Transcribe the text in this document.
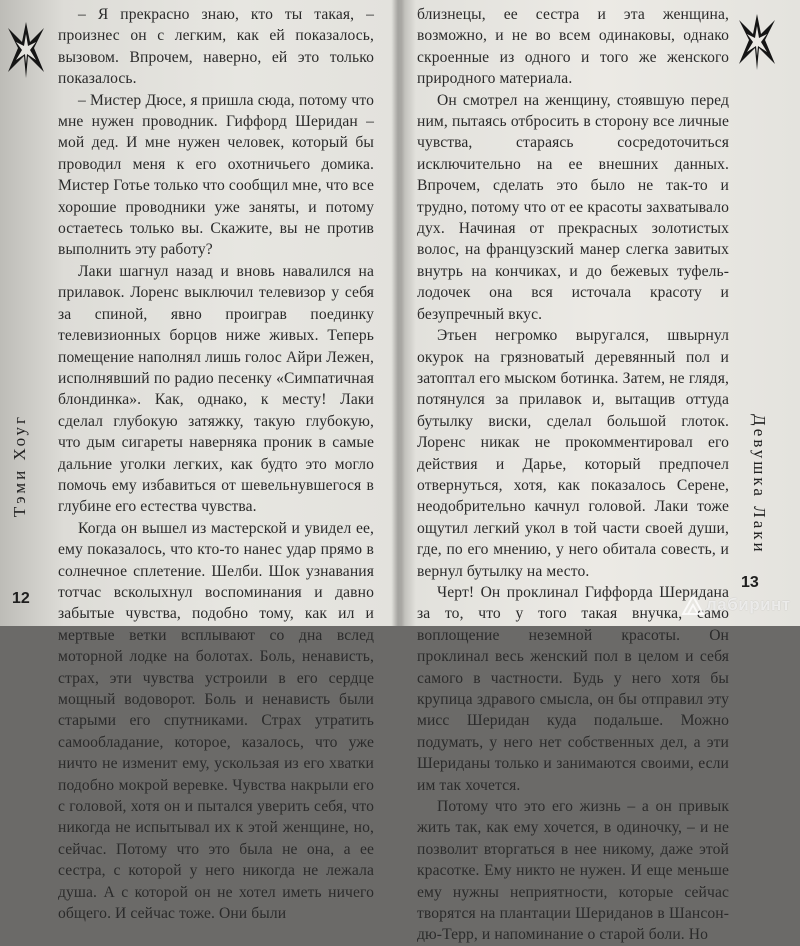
– Я прекрасно знаю, кто ты такая, – произнес он с легким, как ей показалось, вызовом. Впрочем, наверно, ей это только показалось.

– Мистер Дюсе, я пришла сюда, потому что мне нужен проводник. Гиффорд Шеридан – мой дед. И мне нужен человек, который бы проводил меня к его охотничьего домика. Мистер Готье только что сообщил мне, что все хорошие проводники уже заняты, и потому остаетесь только вы. Скажите, вы не против выполнить эту работу?

Лаки шагнул назад и вновь навалился на прилавок. Лоренс выключил телевизор у себя за спиной, явно проиграв поединку телевизионных борцов ниже живых. Теперь помещение наполнял лишь голос Айри Лежен, исполнявший по радио песенку «Симпатичная блондинка». Как, однако, к месту! Лаки сделал глубокую затяжку, такую глубокую, что дым сигареты наверняка проник в самые дальние уголки легких, как будто это могло помочь ему избавиться от шевельнувшегося в глубине его естества чувства.

Когда он вышел из мастерской и увидел ее, ему показалось, что кто-то нанес удар прямо в солнечное сплетение. Шелби. Шок узнавания тотчас всколыхнул воспоминания и давно забытые чувства, подобно тому, как ил и мертвые ветки всплывают со дна вслед моторной лодке на болотах. Боль, ненависть, страх, эти чувства устроили в его сердце мощный водоворот. Боль и ненависть были старыми его спутниками. Страх утратить самообладание, которое, казалось, что уже ничто не изменит ему, ускользая из его хватки подобно мокрой веревке. Чувства накрыли его с головой, хотя он и пытался уверить себя, что никогда не испытывал их к этой женщине, но, сейчас. Потому что это была не она, а ее сестра, с которой у него никогда не лежала душа. А с которой он не хотел иметь ничего общего. И сейчас тоже. Они были

Тэми Хоуг
12

близнецы, ее сестра и эта женщина, возможно, и не во всем одинаковы, однако скроенные из одного и того же женского природного материала.

Он смотрел на женщину, стоявшую перед ним, пытаясь отбросить в сторону все личные чувства, стараясь сосредоточиться исключительно на ее внешних данных. Впрочем, сделать это было не так-то и трудно, потому что от ее красоты захватывало дух. Начиная от прекрасных золотистых волос, на французский манер слегка завитых внутрь на кончиках, и до бежевых туфель-лодочек она вся источала красоту и безупречный вкус.

Этьен негромко выругался, швырнул окурок на грязноватый деревянный пол и затоптал его мыском ботинка. Затем, не глядя, потянулся за прилавок и, вытащив оттуда бутылку виски, сделал большой глоток. Лоренс никак не прокомментировал его действия и Дарье, который предпочел отвернуться, хотя, как показалось Серене, неодобрительно качнул головой. Лаки тоже ощутил легкий укол в той части своей души, где, по его мнению, у него обитала совесть, и вернул бутылку на место.

Черт! Он проклинал Гиффорда Шеридана за то, что у того такая внучка, само воплощение неземной красоты. Он проклинал весь женский пол в целом и себя самого в частности. Будь у него хотя бы крупица здравого смысла, он бы отправил эту мисс Шеридан куда подальше. Можно подумать, у него нет собственных дел, а эти Шериданы только и занимаются своими, если им так хочется.

Потому что это его жизнь – а он привык жить так, как ему хочется, в одиночку, – и не позволит вторгаться в нее никому, даже этой красотке. Ему никто не нужен. И еще меньше ему нужны неприятности, которые сейчас творятся на плантации Шериданов в Шансон-дю-Терр, и напоминание о старой боли. Но

Девушка Лаки
13
лабиринт
